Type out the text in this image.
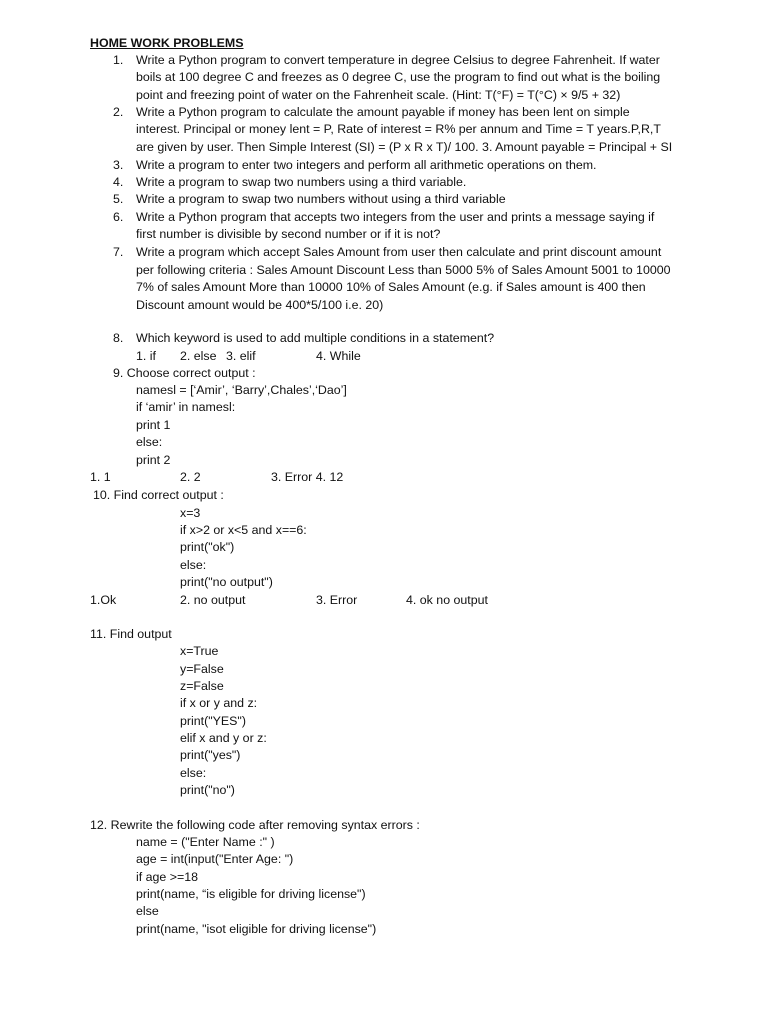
HOME WORK PROBLEMS
1. Write a Python program to convert temperature in degree Celsius to degree Fahrenheit. If water
boils at 100 degree C and freezes as 0 degree C, use the program to find out what is the boiling
point and freezing point of water on the Fahrenheit scale. (Hint: T(°F) = T(°C) × 9/5 + 32)
2. Write a Python program to calculate the amount payable if money has been lent on simple
interest. Principal or money lent = P, Rate of interest = R% per annum and Time = T years.P,R,T
are given by user. Then Simple Interest (SI) = (P x R x T)/ 100. 3. Amount payable = Principal + SI
3. Write a program to enter two integers and perform all arithmetic operations on them.
4. Write a program to swap two numbers using a third variable.
5. Write a program to swap two numbers without using a third variable
6. Write a Python program that accepts two integers from the user and prints a message saying if
first number is divisible by second number or if it is not?
7. Write a program which accept Sales Amount from user then calculate and print discount amount
per following criteria : Sales Amount Discount Less than 5000 5% of Sales Amount 5001 to 10000
7% of sales Amount More than 10000 10% of Sales Amount (e.g. if Sales amount is 400 then
Discount amount would be 400*5/100 i.e. 20)
8. Which keyword is used to add multiple conditions in a statement?
1. if 2. else 3. elif	4. While
9. Choose correct output :
namesl = [‘Amir’, ‘Barry’,Chales’,‘Dao’]
if ‘amir’ in namesl:
print 1
else:
print 2
1. 1	2. 2	3. Error 4. 12
10. Find correct output :
x=3
if x>2 or x<5 and x==6:
print("ok")
else:
print("no output")
1.Ok	2. no output	3. Error	4. ok no output
11. Find output
x=True
y=False
z=False
if x or y and z:
print("YES")
elif x and y or z:
print("yes")
else:
print("no")
12. Rewrite the following code after removing syntax errors :
name = ("Enter Name :" )
age = int(input("Enter Age: ")
if age >=18
print(name, “is eligible for driving license")
else
print(name, "isot eligible for driving license")
